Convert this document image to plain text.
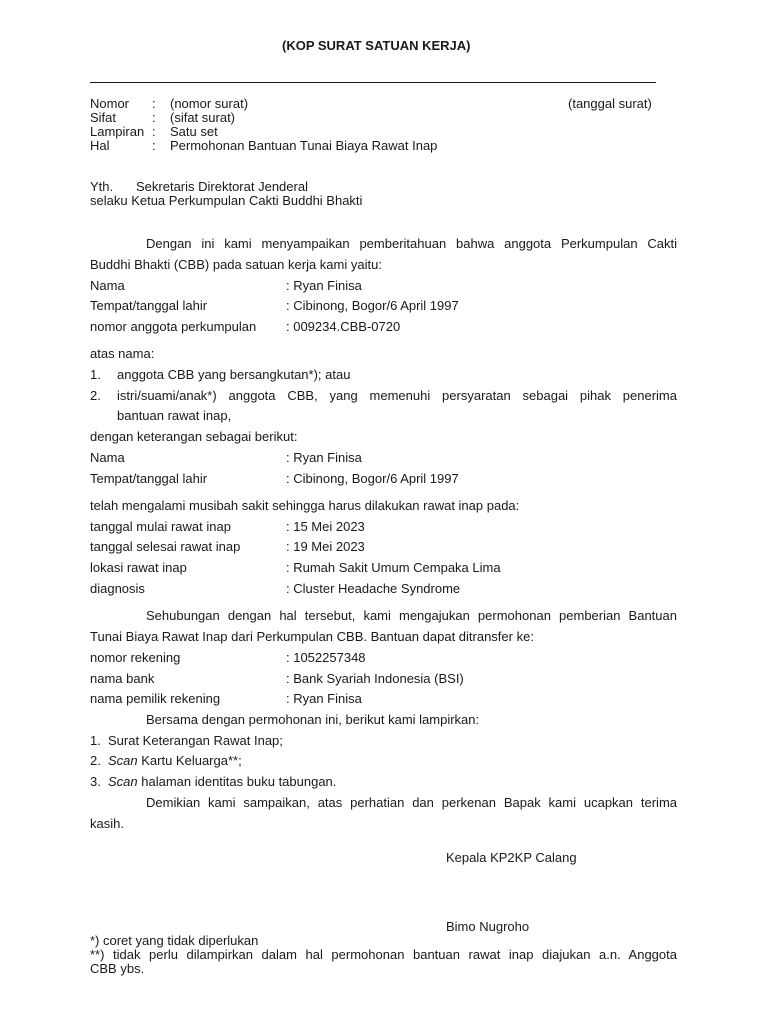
(KOP SURAT SATUAN KERJA)
Nomor : (nomor surat)	(tanggal surat)
Sifat	: (sifat surat)
Lampiran : Satu set
Hal	: Permohonan Bantuan Tunai Biaya Rawat Inap
Yth. Sekretaris Direktorat Jenderal
selaku Ketua Perkumpulan Cakti Buddhi Bhakti
Dengan ini kami menyampaikan pemberitahuan bahwa anggota Perkumpulan Cakti
Buddhi Bhakti (CBB) pada satuan kerja kami yaitu:
Nama	: Ryan Finisa
Tempat/tanggal lahir	: Cibinong, Bogor/6 April 1997
nomor anggota perkumpulan : 009234.CBB-0720
atas nama:
1. anggota CBB yang bersangkutan*); atau
2. istri/suami/anak*) anggota CBB, yang memenuhi persyaratan sebagai pihak penerima
bantuan rawat inap,
dengan keterangan sebagai berikut:
Nama	: Ryan Finisa
Tempat/tanggal lahir	: Cibinong, Bogor/6 April 1997
telah mengalami musibah sakit sehingga harus dilakukan rawat inap pada:
tanggal mulai rawat inap	: 15 Mei 2023
tanggal selesai rawat inap	: 19 Mei 2023
lokasi rawat inap	: Rumah Sakit Umum Cempaka Lima
diagnosis	: Cluster Headache Syndrome
Sehubungan dengan hal tersebut, kami mengajukan permohonan pemberian Bantuan
Tunai Biaya Rawat Inap dari Perkumpulan CBB. Bantuan dapat ditransfer ke:
nomor rekening	: 1052257348
nama bank	: Bank Syariah Indonesia (BSI)
nama pemilik rekening	: Ryan Finisa
Bersama dengan permohonan ini, berikut kami lampirkan:
1. Surat Keterangan Rawat Inap;
2. Scan Kartu Keluarga**;
3. Scan halaman identitas buku tabungan.
Demikian kami sampaikan, atas perhatian dan perkenan Bapak kami ucapkan terima
kasih.
Kepala KP2KP Calang
Bimo Nugroho
*) coret yang tidak diperlukan
**) tidak perlu dilampirkan dalam hal permohonan bantuan rawat inap diajukan a.n. Anggota
CBB ybs.
